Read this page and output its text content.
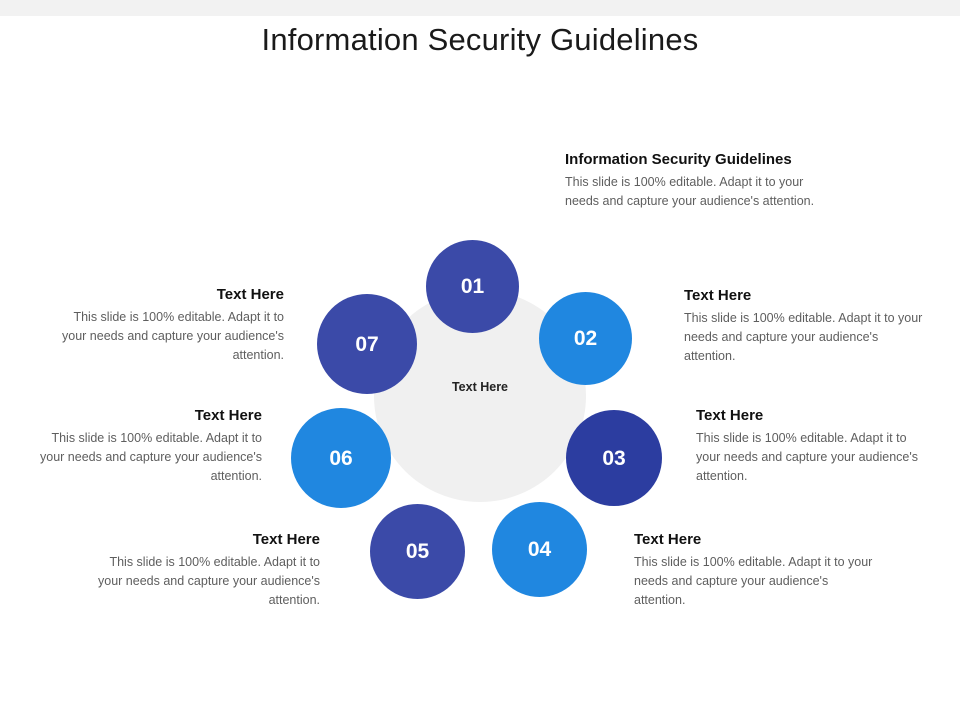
Information Security Guidelines
Text Here
07
01
02
03
04
05
06
Information Security Guidelines
This slide is 100% editable. Adapt it to your needs and capture your audience's attention.
Text Here
This slide is 100% editable. Adapt it to your needs and capture your audience's attention.
Text Here
This slide is 100% editable. Adapt it to your needs and capture your audience's attention.
Text Here
This slide is 100% editable. Adapt it to your needs and capture your audience's attention.
Text Here
This slide is 100% editable. Adapt it to your needs and capture your audience's attention.
Text Here
This slide is 100% editable. Adapt it to your needs and capture your audience's attention.
Text Here
This slide is 100% editable. Adapt it to your needs and capture your audience's attention.
